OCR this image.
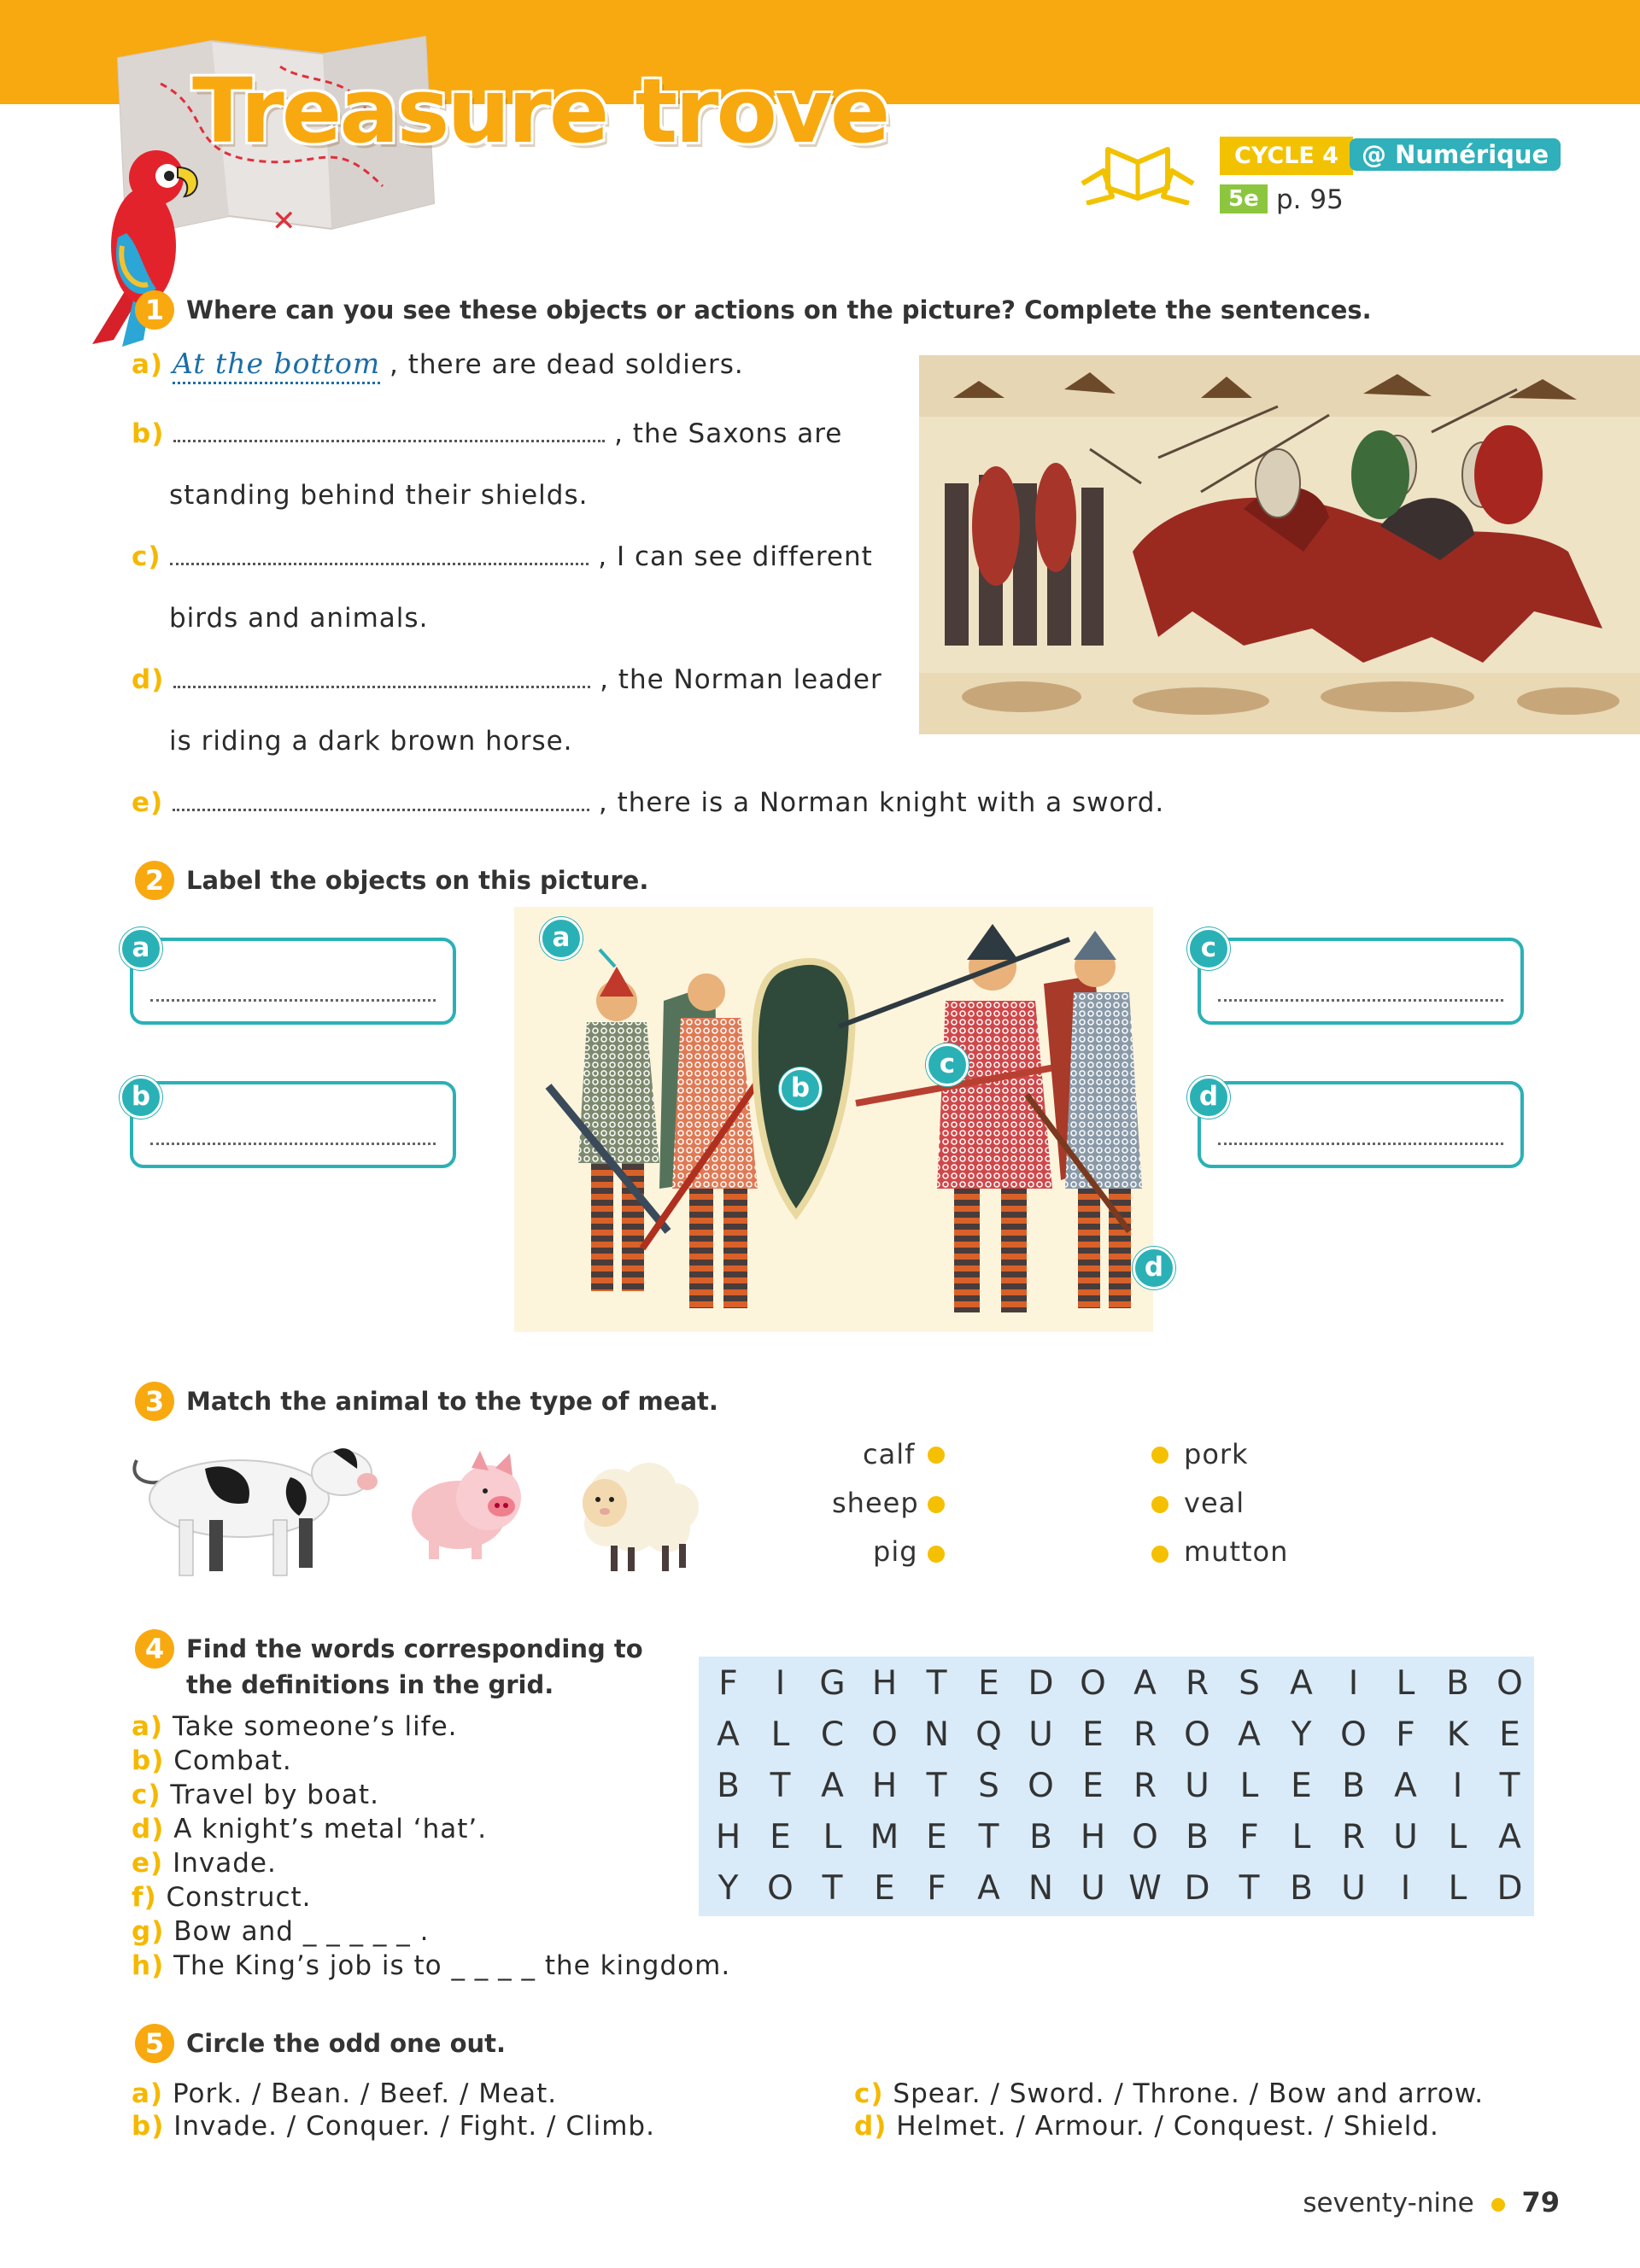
✕
Treasure trove	CYCLE 4 @ Numérique
5e p. 95
1 Where can you see these objects or actions on the picture? Complete the sentences.
a) At the bottom , there are dead soldiers.
b)	, the Saxons are
standing behind their shields.
c)	, I can see different
birds and animals.
d)	, the Norman leader
is riding a dark brown horse.
e)	, there is a Norman knight with a sword.
2 Label the objects on this picture.
a
b
c
d
a
b
c
d
3 Match the animal to the type of meat.
calf
sheep
pig
pork
veal
mutton
4 Find the words corresponding to
the definitions in the grid.
a) Take someone’s life.
b) Combat.
c) Travel by boat.
d) A knight’s metal ‘hat’.
e) Invade.
f) Construct.
g) Bow and _ _ _ _ _ .
h) The King’s job is to _ _ _ _ the kingdom.
F	I	G H T E D O A R S A	I	L B O
A L C O N Q U E R O A Y O F K E
B T A H T S O E R U L E B A	I	T
H E L M E T B H O B F L R U L A
Y O T E F A N U W D T B U	I	L D
5 Circle the odd one out.
a) Pork. / Bean. / Beef. / Meat.
b) Invade. / Conquer. / Fight. / Climb.
c) Spear. / Sword. / Throne. / Bow and arrow.
d) Helmet. / Armour. / Conquest. / Shield.
seventy-nine 79
